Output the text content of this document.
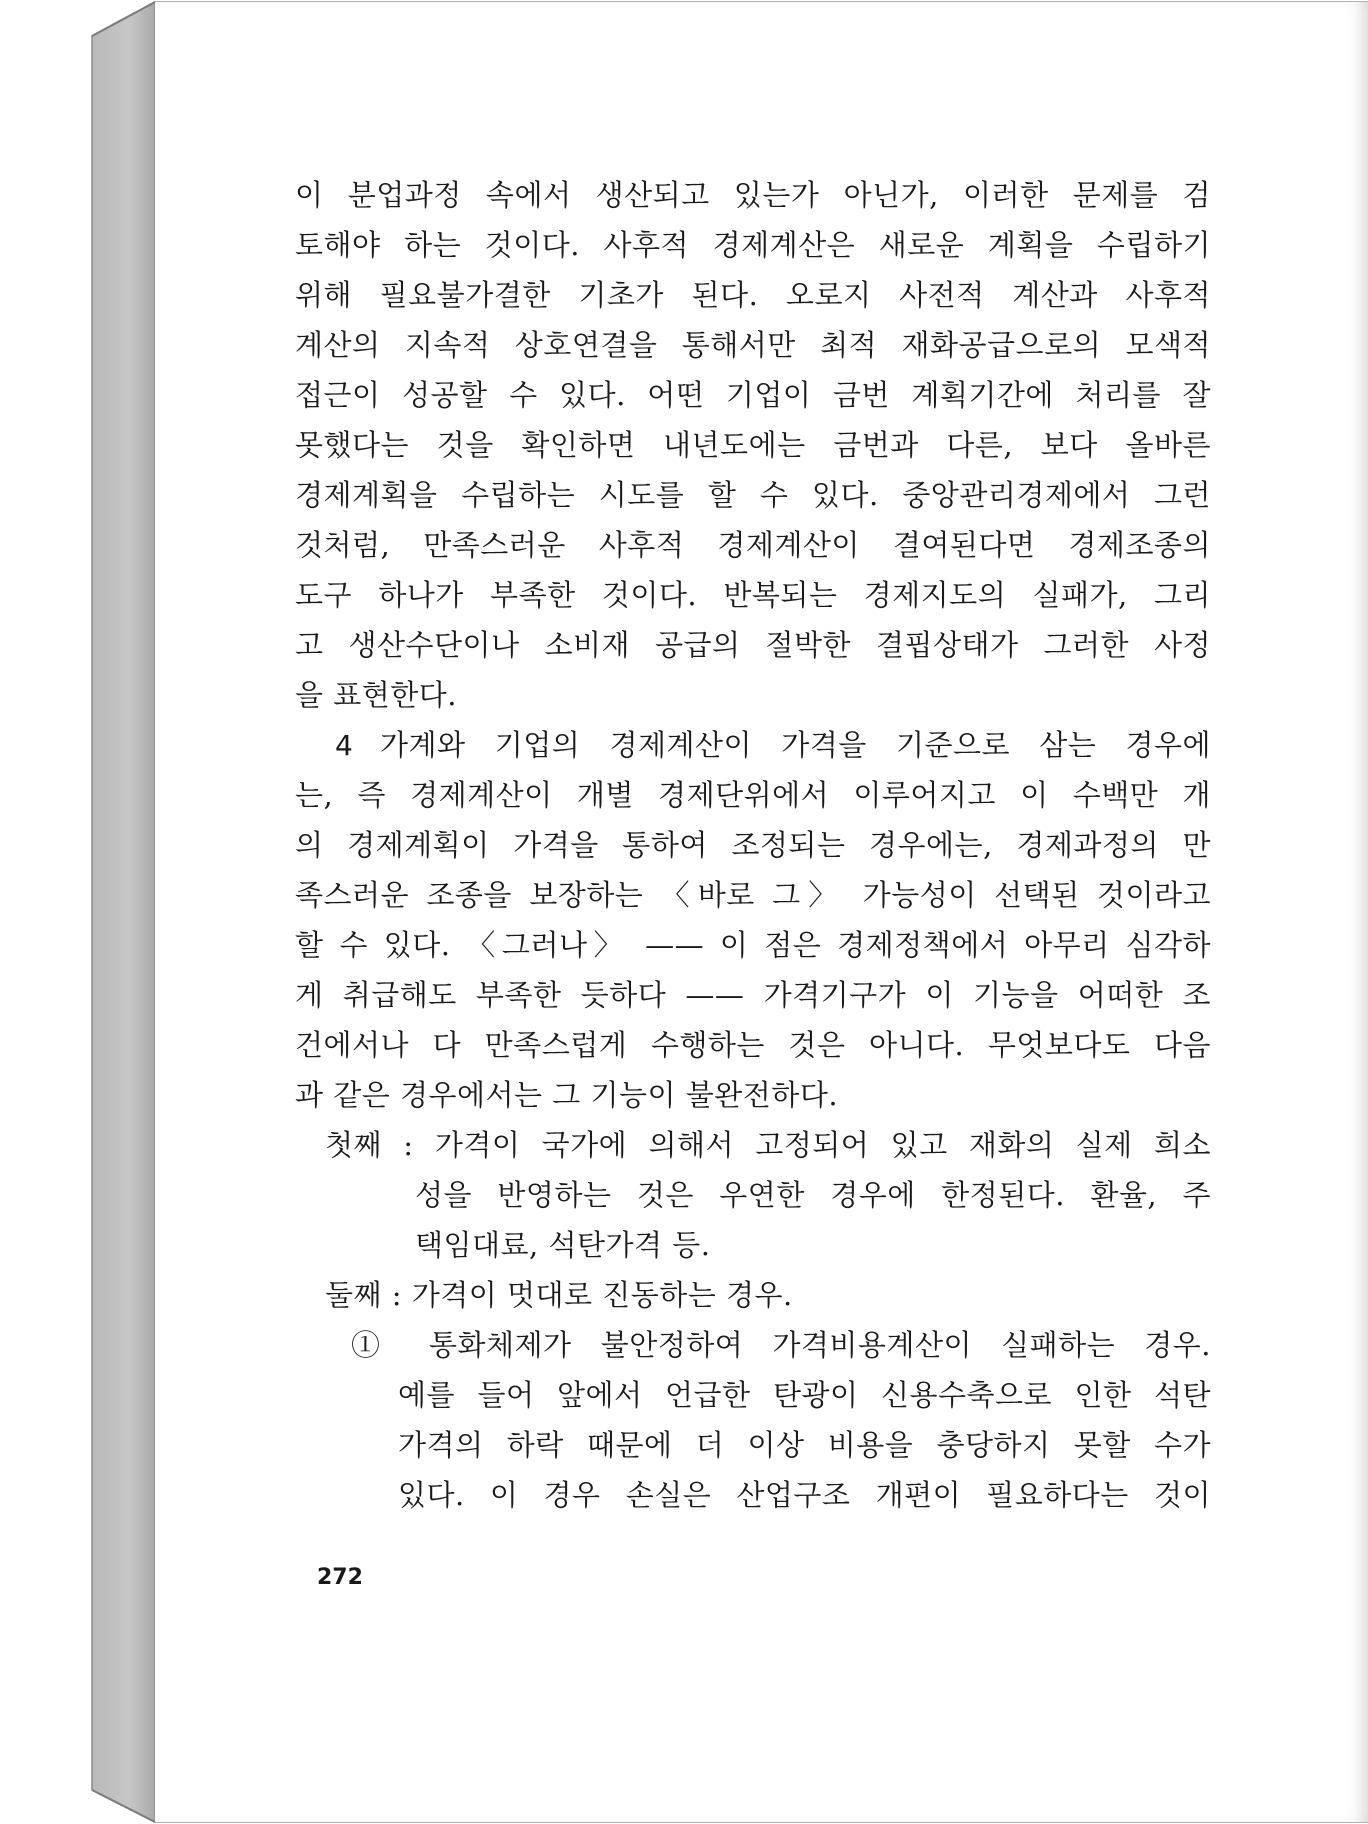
이 분업과정 속에서 생산되고 있는가 아닌가, 이러한 문제를 검
토해야 하는 것이다. 사후적 경제계산은 새로운 계획을 수립하기
위해 필요불가결한 기초가 된다. 오로지 사전적 계산과 사후적
계산의 지속적 상호연결을 통해서만 최적 재화공급으로의 모색적
접근이 성공할 수 있다. 어떤 기업이 금번 계획기간에 처리를 잘
못했다는 것을 확인하면 내년도에는 금번과 다른, 보다 올바른
경제계획을 수립하는 시도를 할 수 있다. 중앙관리경제에서 그런
것처럼, 만족스러운 사후적 경제계산이 결여된다면 경제조종의
도구 하나가 부족한 것이다. 반복되는 경제지도의 실패가, 그리
고 생산수단이나 소비재 공급의 절박한 결핍상태가 그러한 사정
을 표현한다.
4 가계와 기업의 경제계산이 가격을 기준으로 삼는 경우에
는, 즉 경제계산이 개별 경제단위에서 이루어지고 이 수백만 개
의 경제계획이 가격을 통하여 조정되는 경우에는, 경제과정의 만
족스러운 조종을 보장하는 〈바로 그〉 가능성이 선택된 것이라고
할 수 있다. 〈그러나〉 —— 이 점은 경제정책에서 아무리 심각하
게 취급해도 부족한 듯하다 —— 가격기구가 이 기능을 어떠한 조
건에서나 다 만족스럽게 수행하는 것은 아니다. 무엇보다도 다음
과 같은 경우에서는 그 기능이 불완전하다.
첫째 : 가격이 국가에 의해서 고정되어 있고 재화의 실제 희소
성을 반영하는 것은 우연한 경우에 한정된다. 환율, 주
택임대료, 석탄가격 등.
둘째 : 가격이 멋대로 진동하는 경우.
① 통화체제가 불안정하여 가격비용계산이 실패하는 경우.
예를 들어 앞에서 언급한 탄광이 신용수축으로 인한 석탄
가격의 하락 때문에 더 이상 비용을 충당하지 못할 수가
있다. 이 경우 손실은 산업구조 개편이 필요하다는 것이
272
